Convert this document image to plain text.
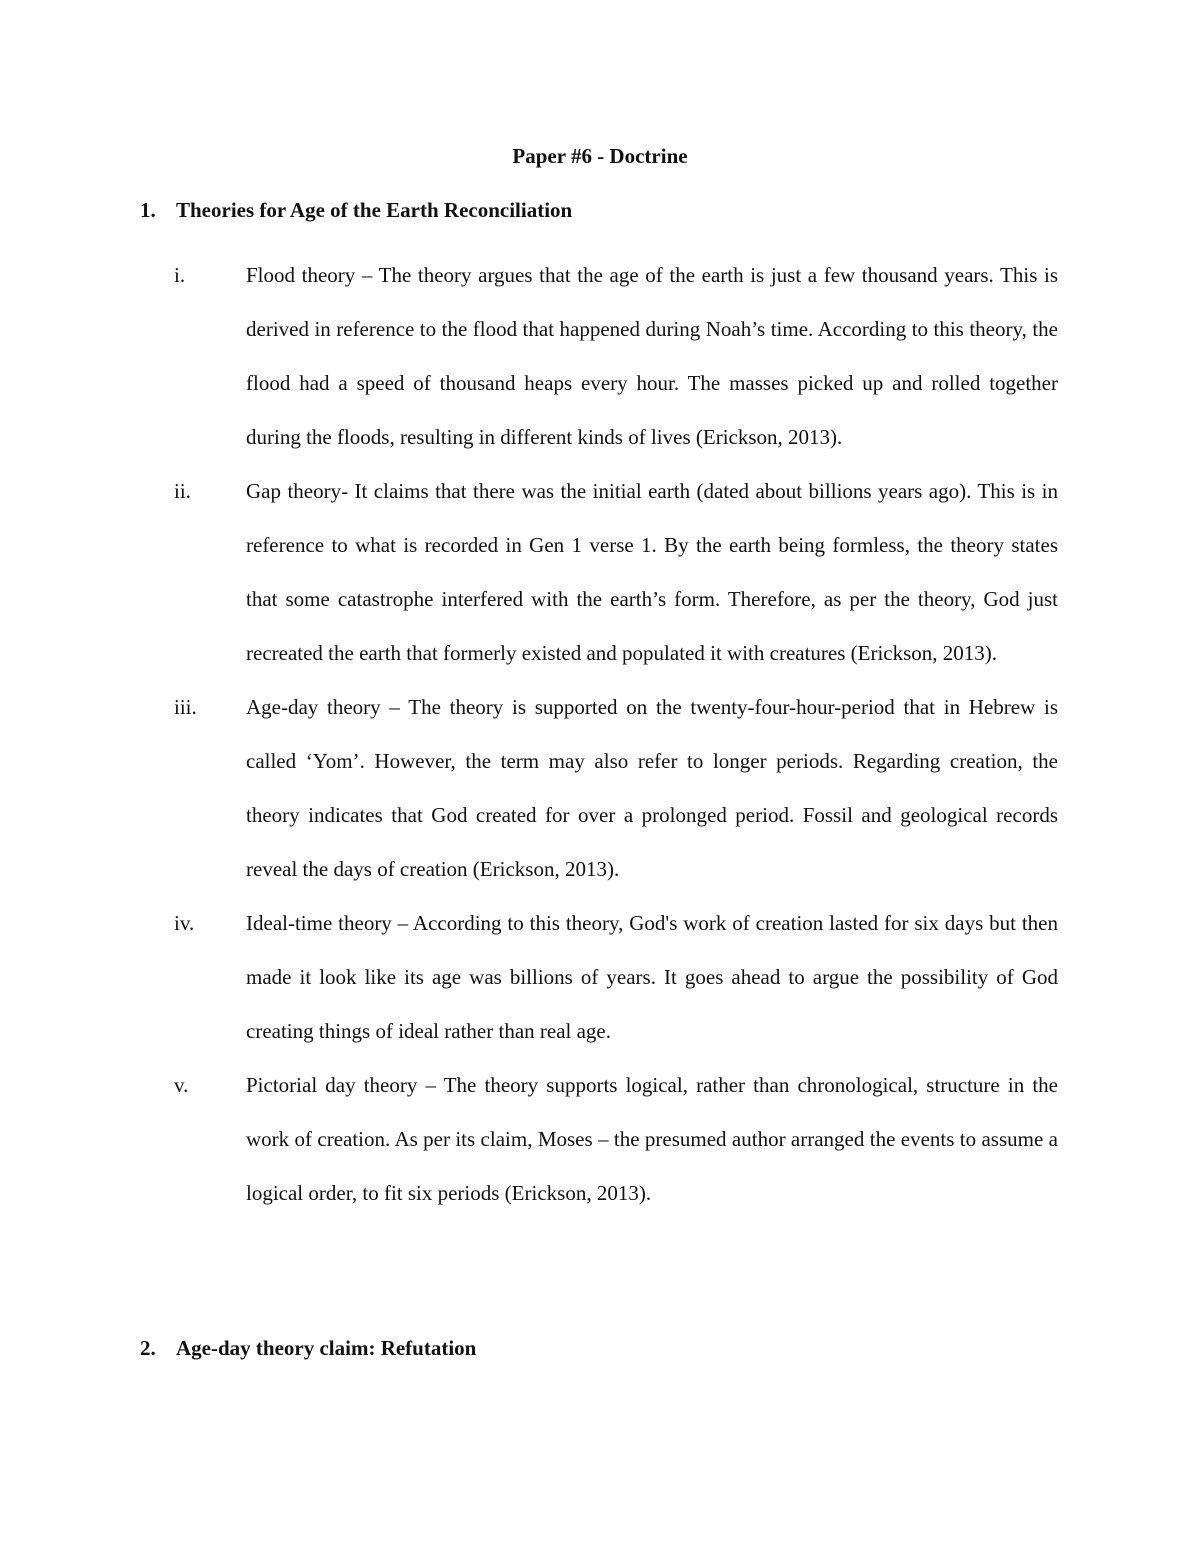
Paper #6 - Doctrine
1. Theories for Age of the Earth Reconciliation
i.	Flood theory – The theory argues that the age of the earth is just a few thousand years. This is derived in reference to the flood that happened during Noah’s time. According to this theory, the flood had a speed of thousand heaps every hour. The masses picked up and rolled together during the floods, resulting in different kinds of lives (Erickson, 2013).

ii.	Gap theory- It claims that there was the initial earth (dated about billions years ago). This is in reference to what is recorded in Gen 1 verse 1. By the earth being formless, the theory states that some catastrophe interfered with the earth’s form. Therefore, as per the theory, God just recreated the earth that formerly existed and populated it with creatures (Erickson, 2013).

iii.	Age-day theory – The theory is supported on the twenty-four-hour-period that in Hebrew is called ‘Yom’. However, the term may also refer to longer periods. Regarding creation, the theory indicates that God created for over a prolonged period. Fossil and geological records reveal the days of creation (Erickson, 2013).

iv.	Ideal-time theory – According to this theory, God's work of creation lasted for six days but then made it look like its age was billions of years. It goes ahead to argue the possibility of God creating things of ideal rather than real age.

v.	Pictorial day theory – The theory supports logical, rather than chronological, structure in the work of creation. As per its claim, Moses – the presumed author arranged the events to assume a logical order, to fit six periods (Erickson, 2013).

2. Age-day theory claim: Refutation
